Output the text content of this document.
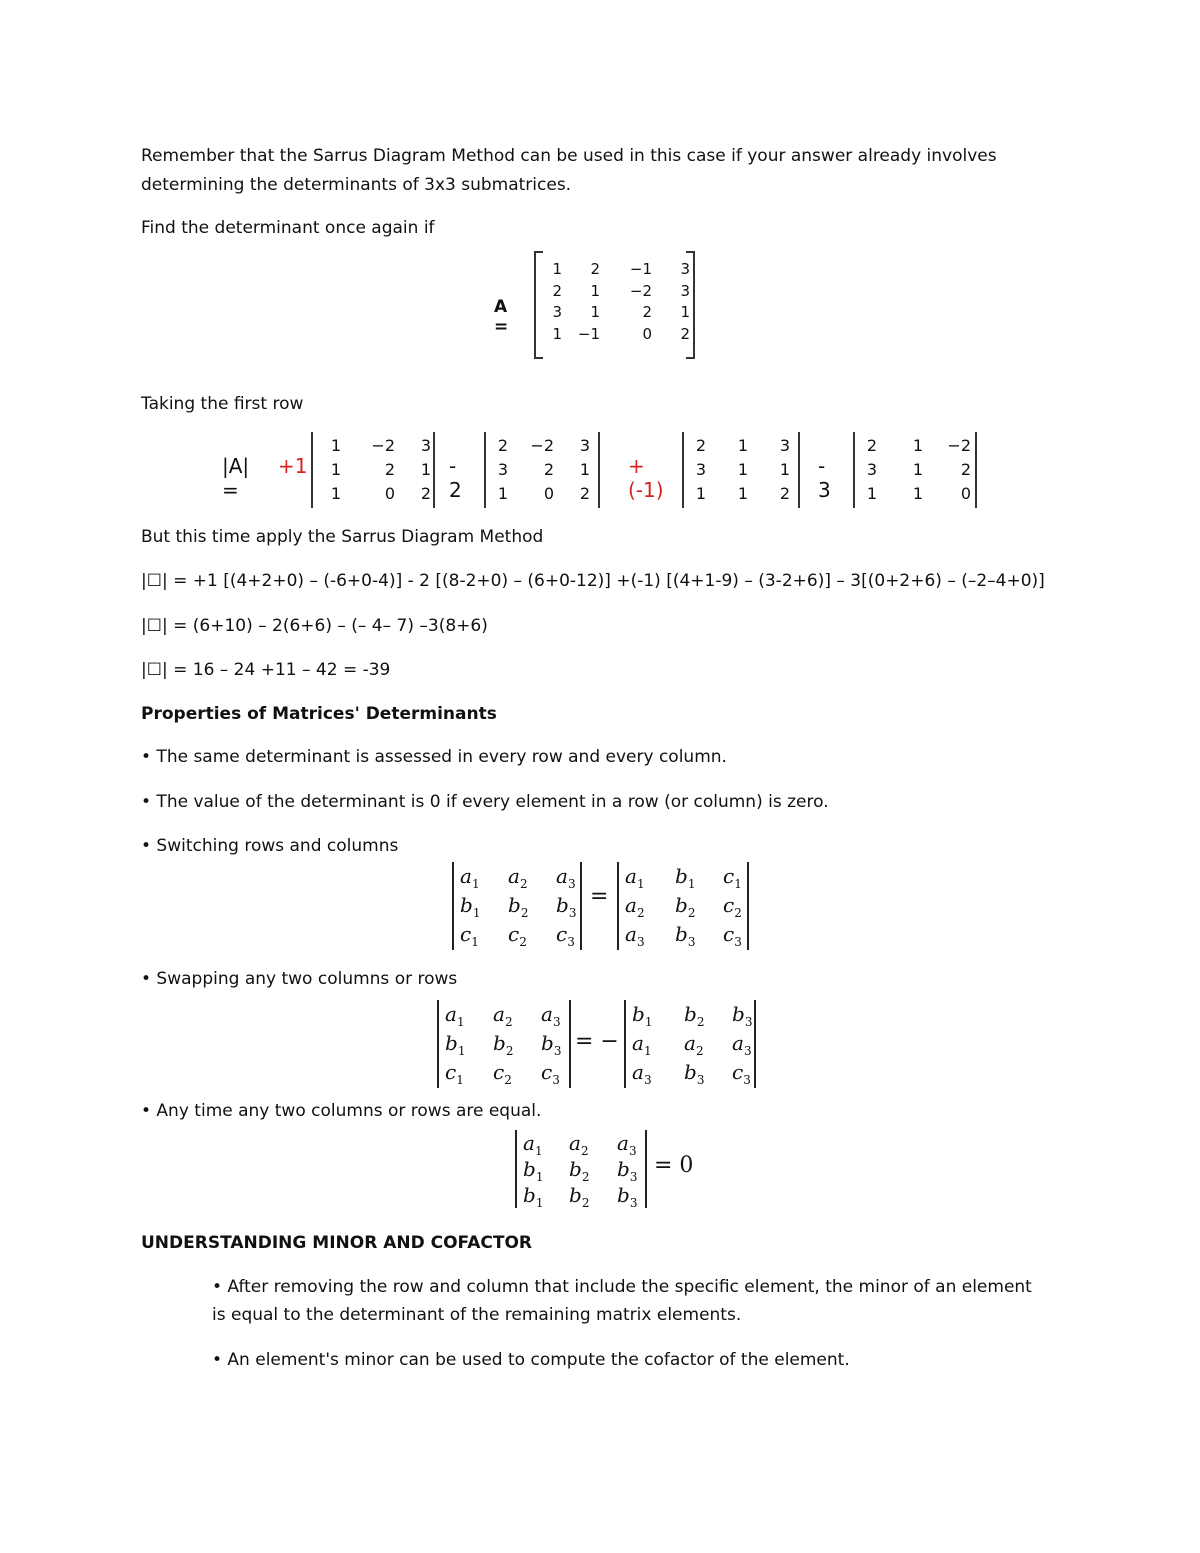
Remember that the Sarrus Diagram Method can be used in this case if your answer already involves
determining the determinants of 3x3 submatrices.
Find the determinant once again if
A =
1	2	−1	3
2	1	−2	3
3	1	2	1
1	−1	0	2
Taking the first row
|A| =
+1
1	−2	3
1	2	1
1	0	2
- 2
2	−2	3
3	2	1
1	0	2
+(-1)
2	1	3
3	1	1
1	1	2
- 3
2	1	−2
3	1	2
1	1	0
But this time apply the Sarrus Diagram Method
|☐| = +1 [(4+2+0) – (-6+0-4)] - 2 [(8-2+0) – (6+0-12)] +(-1) [(4+1-9) – (3-2+6)] – 3[(0+2+6) – (–2–4+0)]
|☐| = (6+10) – 2(6+6) – (– 4– 7) –3(8+6)
|☐| = 16 – 24 +11 – 42 = -39
Properties of Matrices' Determinants
• The same determinant is assessed in every row and every column.
• The value of the determinant is 0 if every element in a row (or column) is zero.
• Switching rows and columns
$a_1$	$a_2$	$a_3$
$b_1$	$b_2$	$b_3$
$c_1$	$c_2$	$c_3$
=
$a_1$	$b_1$	$c_1$
$a_2$	$b_2$	$c_2$
$a_3$	$b_3$	$c_3$
• Swapping any two columns or rows
$a_1$	$a_2$	$a_3$
$b_1$	$b_2$	$b_3$
$c_1$	$c_2$	$c_3$
= −
$b_1$	$b_2$	$b_3$
$a_1$	$a_2$	$a_3$
$a_3$	$b_3$	$c_3$
• Any time any two columns or rows are equal.
$a_1$	$a_2$	$a_3$
$b_1$	$b_2$	$b_3$
$b_1$	$b_2$	$b_3$
= 0
UNDERSTANDING MINOR AND COFACTOR
• After removing the row and column that include the specific element, the minor of an element
is equal to the determinant of the remaining matrix elements.
• An element's minor can be used to compute the cofactor of the element.
